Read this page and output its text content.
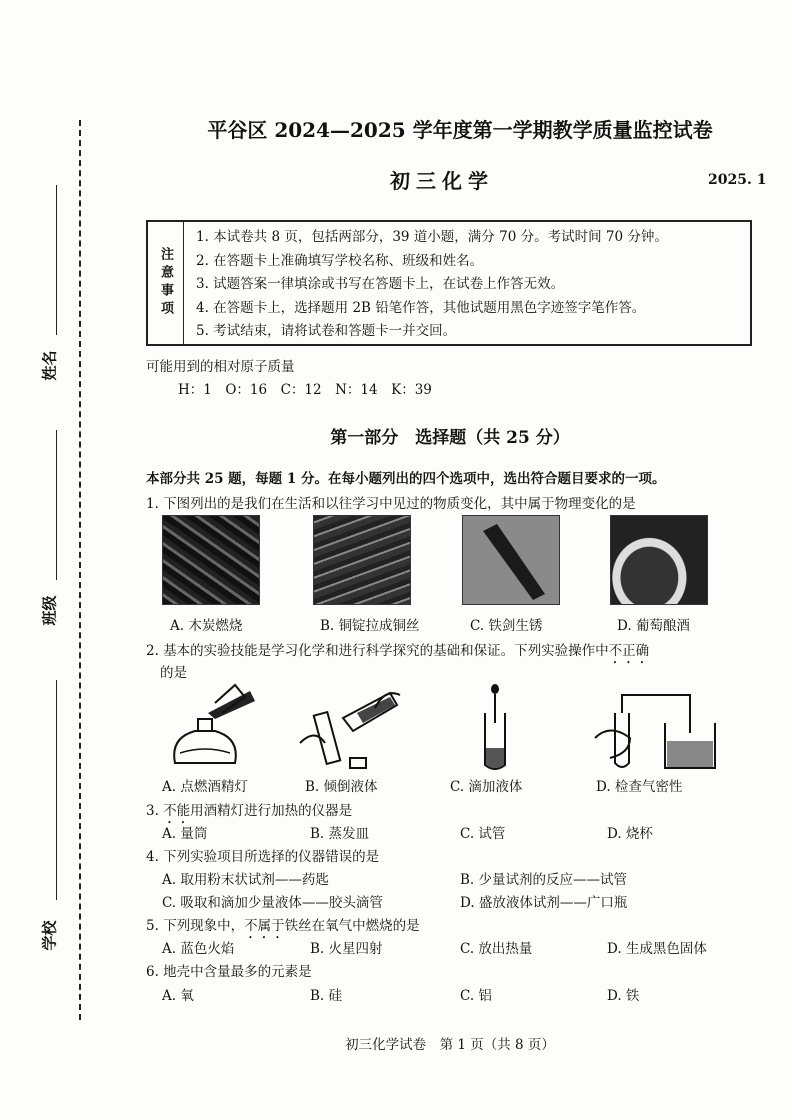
姓名
班级
学校
平谷区 2024—2025 学年度第一学期教学质量监控试卷
初三化学	2025. 1
注意事项
1. 本试卷共 8 页，包括两部分，39 道小题，满分 70 分。考试时间 70 分钟。
2. 在答题卡上准确填写学校名称、班级和姓名。
3. 试题答案一律填涂或书写在答题卡上，在试卷上作答无效。
4. 在答题卡上，选择题用 2B 铅笔作答，其他试题用黑色字迹签字笔作答。
5. 考试结束，请将试卷和答题卡一并交回。
可能用到的相对原子质量
H：1　O：16　C：12　N：14　K：39
第一部分　选择题（共 25 分）
本部分共 25 题，每题 1 分。在每小题列出的四个选项中，选出符合题目要求的一项。
1. 下图列出的是我们在生活和以往学习中见过的物质变化，其中属于物理变化的是
A. 木炭燃烧	B. 铜锭拉成铜丝	C. 铁剑生锈	D. 葡萄酿酒
2. 基本的实验技能是学习化学和进行科学探究的基础和保证。下列实验操作中不正确
的是
A. 点燃酒精灯	B. 倾倒液体	C. 滴加液体	D. 检查气密性
3. 不能用酒精灯进行加热的仪器是
A. 量筒	B. 蒸发皿	C. 试管	D. 烧杯
4. 下列实验项目所选择的仪器错误的是
A. 取用粉末状试剂——药匙	B. 少量试剂的反应——试管
C. 吸取和滴加少量液体——胶头滴管	D. 盛放液体试剂——广口瓶
5. 下列现象中，不属于铁丝在氧气中燃烧的是
A. 蓝色火焰	B. 火星四射	C. 放出热量	D. 生成黑色固体
6. 地壳中含量最多的元素是
A. 氧	B. 硅	C. 铝	D. 铁
初三化学试卷　第 1 页（共 8 页）
